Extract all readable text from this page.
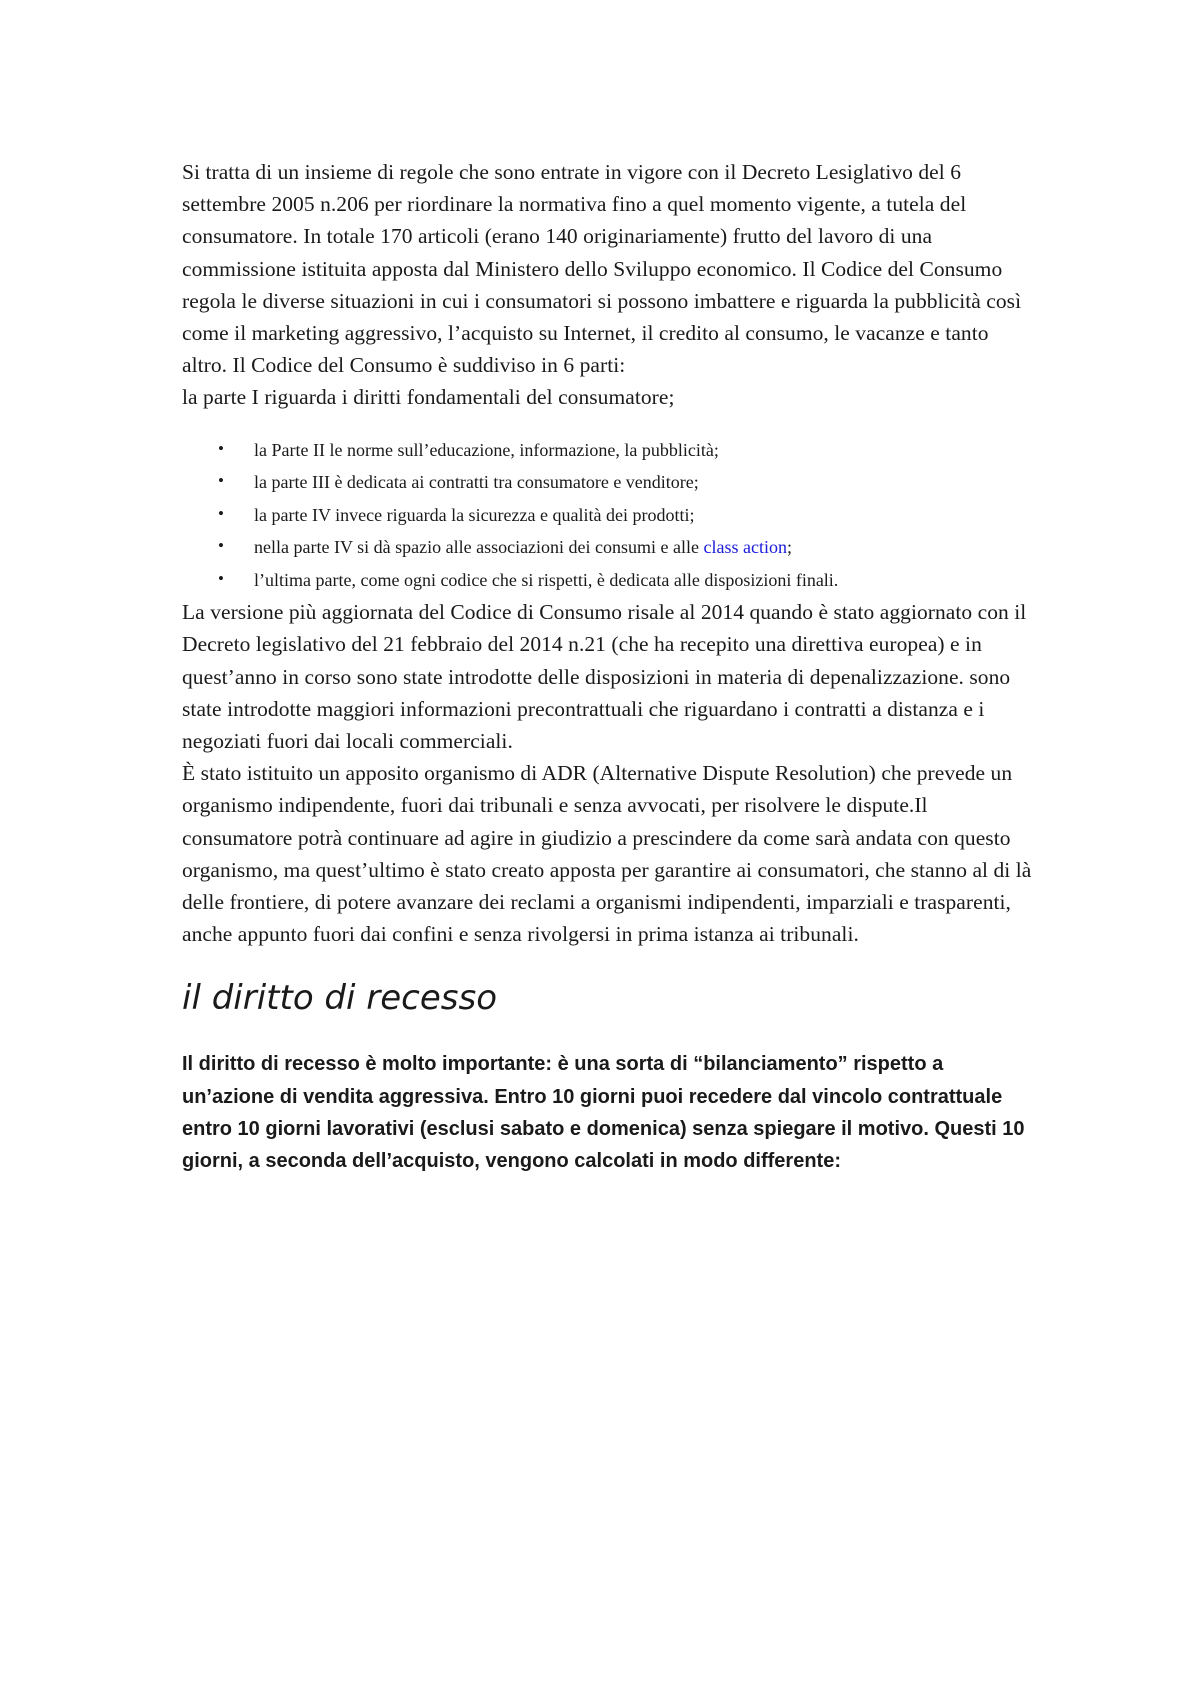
Si tratta di un insieme di regole che sono entrate in vigore con il Decreto Lesiglativo del 6 settembre 2005 n.206 per riordinare la normativa fino a quel momento vigente, a tutela del consumatore. In totale 170 articoli (erano 140 originariamente) frutto del lavoro di una commissione istituita apposta dal Ministero dello Sviluppo economico. Il Codice del Consumo regola le diverse situazioni in cui i consumatori si possono imbattere e riguarda la pubblicità così come il marketing aggressivo, l’acquisto su Internet, il credito al consumo, le vacanze e tanto altro. Il Codice del Consumo è suddiviso in 6 parti:

la parte I riguarda i diritti fondamentali del consumatore;

• la Parte II le norme sull’educazione, informazione, la pubblicità;
• la parte III è dedicata ai contratti tra consumatore e venditore;
• la parte IV invece riguarda la sicurezza e qualità dei prodotti;
• nella parte IV si dà spazio alle associazioni dei consumi e alle class action;
• l’ultima parte, come ogni codice che si rispetti, è dedicata alle disposizioni finali.

La versione più aggiornata del Codice di Consumo risale al 2014 quando è stato aggiornato con il Decreto legislativo del 21 febbraio del 2014 n.21 (che ha recepito una direttiva europea) e in quest’anno in corso sono state introdotte delle disposizioni in materia di depenalizzazione. sono state introdotte maggiori informazioni precontrattuali che riguardano i contratti a distanza e i negoziati fuori dai locali commerciali.

È stato istituito un apposito organismo di ADR (Alternative Dispute Resolution) che prevede un organismo indipendente, fuori dai tribunali e senza avvocati, per risolvere le dispute.Il consumatore potrà continuare ad agire in giudizio a prescindere da come sarà andata con questo organismo, ma quest’ultimo è stato creato apposta per garantire ai consumatori, che stanno al di là delle frontiere, di potere avanzare dei reclami a organismi indipendenti, imparziali e trasparenti, anche appunto fuori dai confini e senza rivolgersi in prima istanza ai tribunali.

il diritto di recesso

Il diritto di recesso è molto importante: è una sorta di “bilanciamento” rispetto a un’azione di vendita aggressiva. Entro 10 giorni puoi recedere dal vincolo contrattuale entro 10 giorni lavorativi (esclusi sabato e domenica) senza spiegare il motivo. Questi 10 giorni, a seconda dell’acquisto, vengono calcolati in modo differente:
